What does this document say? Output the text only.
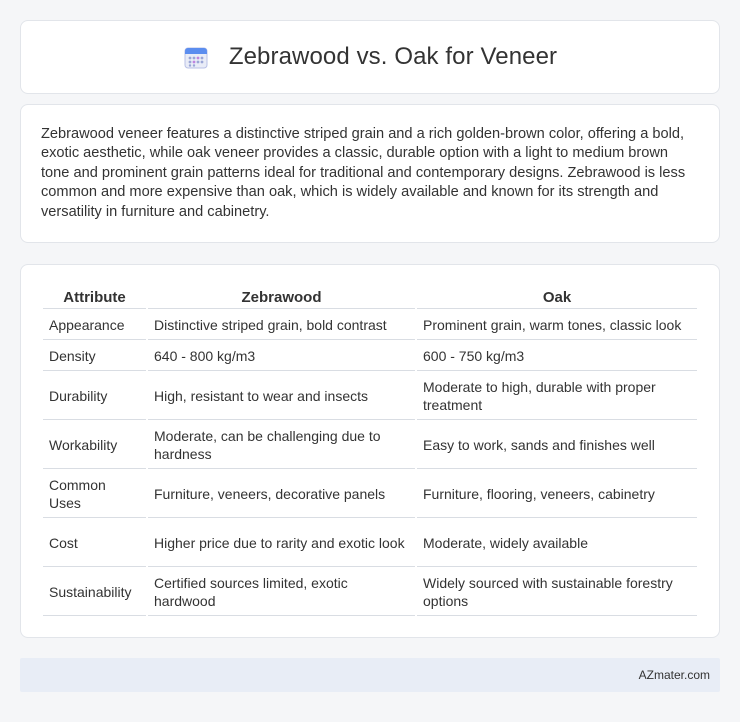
Zebrawood vs. Oak for Veneer

Zebrawood veneer features a distinctive striped grain and a rich golden-brown color, offering a bold, exotic aesthetic, while oak veneer provides a classic, durable option with a light to medium brown tone and prominent grain patterns ideal for traditional and contemporary designs. Zebrawood is less common and more expensive than oak, which is widely available and known for its strength and versatility in furniture and cabinetry.

Attribute	Zebrawood	Oak
Appearance	Distinctive striped grain, bold contrast	Prominent grain, warm tones, classic look
Density	640 - 800 kg/m3	600 - 750 kg/m3
Durability	High, resistant to wear and insects	Moderate to high, durable with proper treatment
Workability	Moderate, can be challenging due to hardness	Easy to work, sands and finishes well
Common Uses	Furniture, veneers, decorative panels	Furniture, flooring, veneers, cabinetry
Cost	Higher price due to rarity and exotic look	Moderate, widely available
Sustainability	Certified sources limited, exotic hardwood	Widely sourced with sustainable forestry options
AZmater.com
